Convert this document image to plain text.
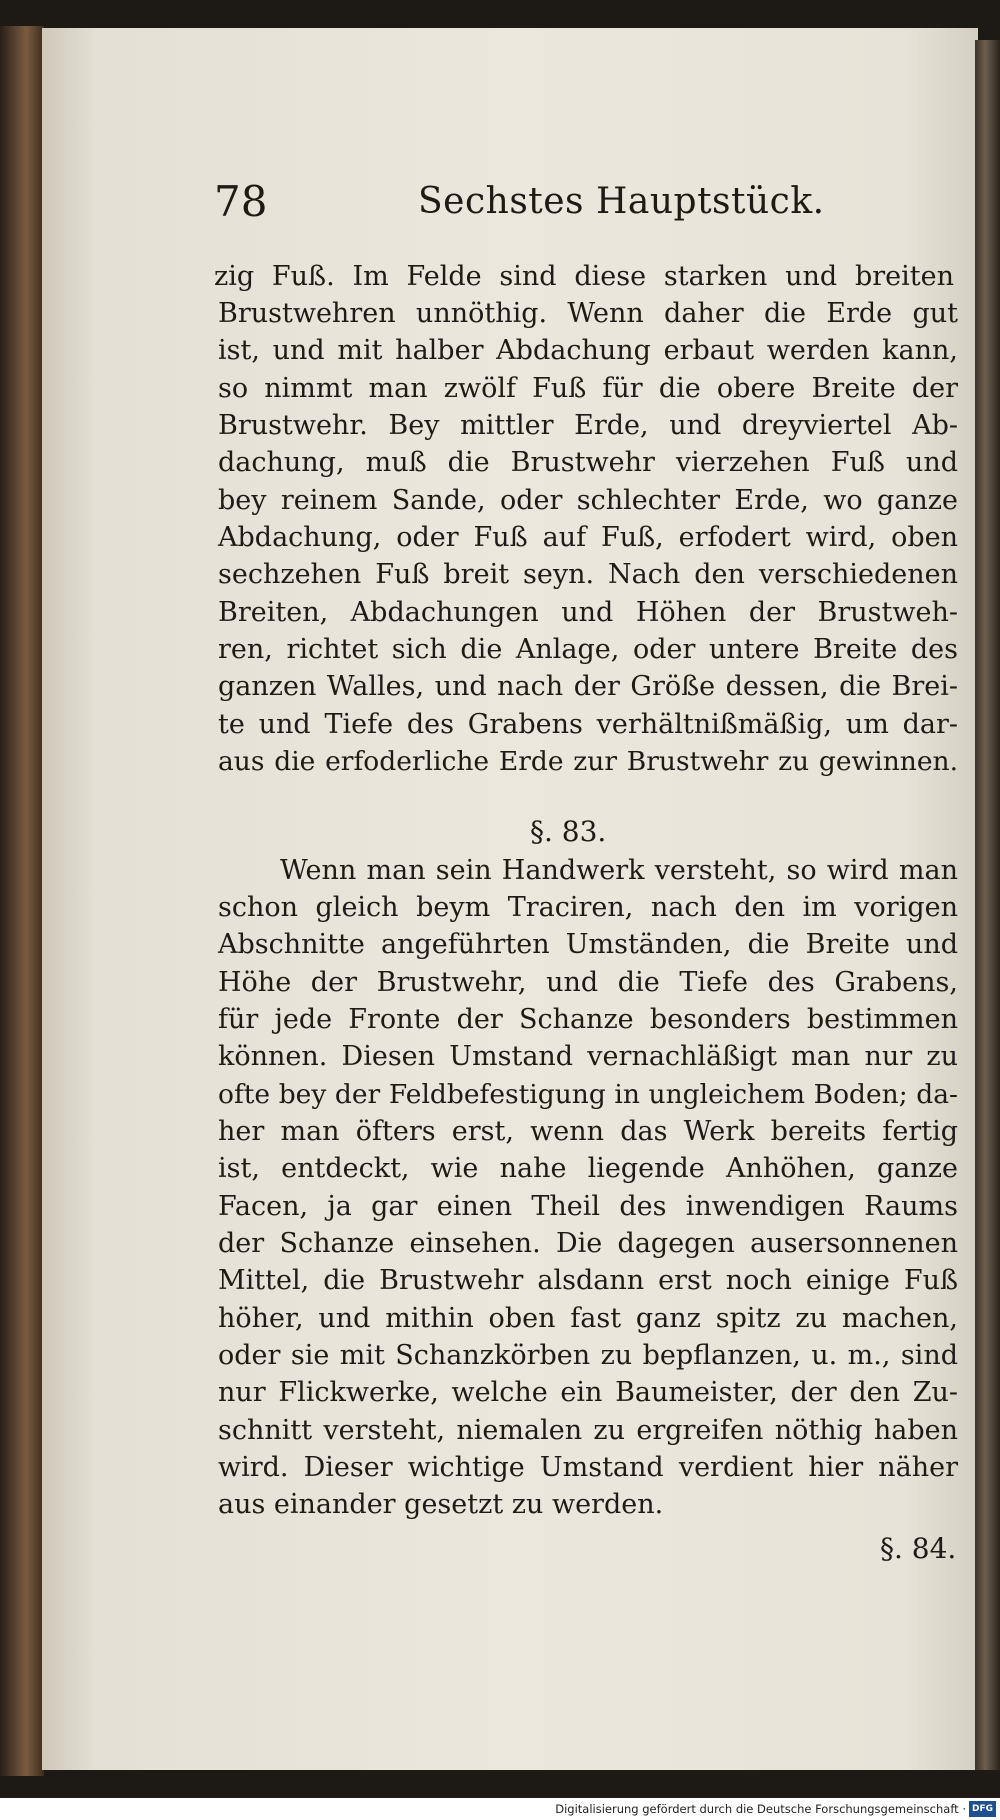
78	Sechstes Hauptstück.

zig Fuß. Im Felde sind diese starken und breiten

Brustwehren unnöthig. Wenn daher die Erde gut

ist, und mit halber Abdachung erbaut werden kann,

so nimmt man zwölf Fuß für die obere Breite der

Brustwehr. Bey mittler Erde, und dreyviertel Ab-

dachung, muß die Brustwehr vierzehen Fuß und

bey reinem Sande, oder schlechter Erde, wo ganze

Abdachung, oder Fuß auf Fuß, erfodert wird, oben

sechzehen Fuß breit seyn. Nach den verschiedenen

Breiten, Abdachungen und Höhen der Brustweh-

ren, richtet sich die Anlage, oder untere Breite des

ganzen Walles, und nach der Größe dessen, die Brei-

te und Tiefe des Grabens verhältnißmäßig, um dar-

aus die erfoderliche Erde zur Brustwehr zu gewinnen.

§. 83.

Wenn man sein Handwerk versteht, so wird man

schon gleich beym Traciren, nach den im vorigen

Abschnitte angeführten Umständen, die Breite und

Höhe der Brustwehr, und die Tiefe des Grabens,

für jede Fronte der Schanze besonders bestimmen

können. Diesen Umstand vernachläßigt man nur zu

ofte bey der Feldbefestigung in ungleichem Boden; da-

her man öfters erst, wenn das Werk bereits fertig

ist, entdeckt, wie nahe liegende Anhöhen, ganze

Facen, ja gar einen Theil des inwendigen Raums

der Schanze einsehen. Die dagegen ausersonnenen

Mittel, die Brustwehr alsdann erst noch einige Fuß

höher, und mithin oben fast ganz spitz zu machen,

oder sie mit Schanzkörben zu bepflanzen, u. m., sind

nur Flickwerke, welche ein Baumeister, der den Zu-

schnitt versteht, niemalen zu ergreifen nöthig haben

wird. Dieser wichtige Umstand verdient hier näher

aus einander gesetzt zu werden.

§. 84.
Digitalisierung gefördert durch die Deutsche Forschungsgemeinschaft · DFG
